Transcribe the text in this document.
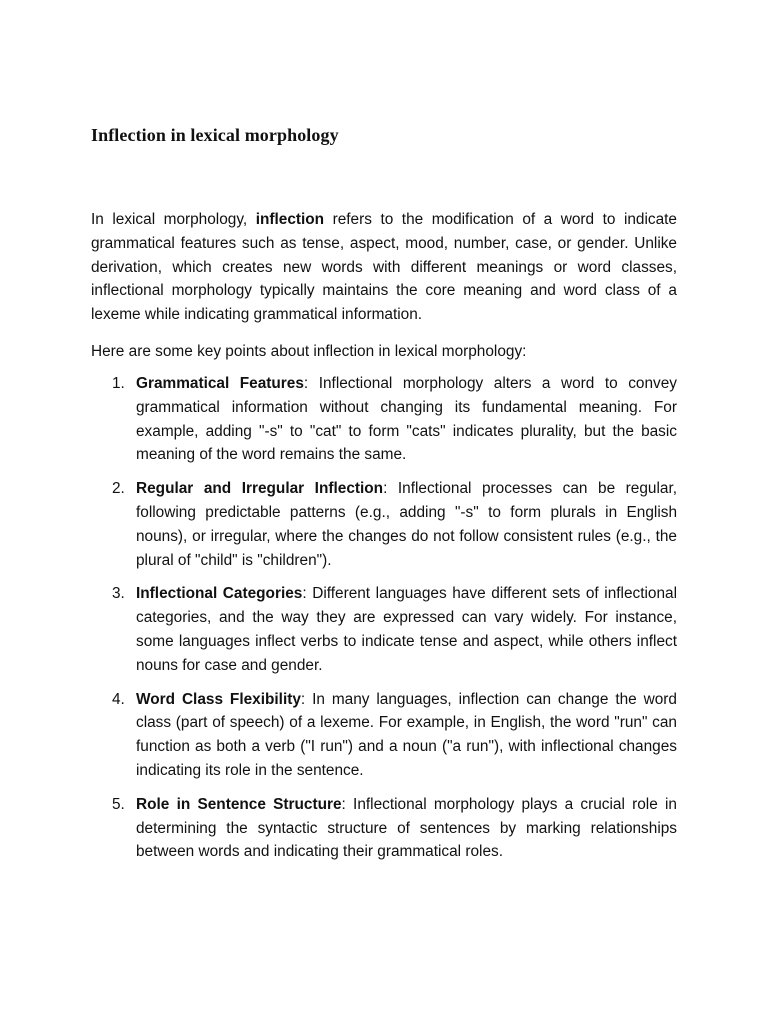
Inflection in lexical morphology

In lexical morphology, inflection refers to the modification of a word to indicate grammatical features such as tense, aspect, mood, number, case, or gender. Unlike derivation, which creates new words with different meanings or word classes, inflectional morphology typically maintains the core meaning and word class of a lexeme while indicating grammatical information.

Here are some key points about inflection in lexical morphology:

1. Grammatical Features: Inflectional morphology alters a word to convey grammatical information without changing its fundamental meaning. For example, adding "-s" to "cat" to form "cats" indicates plurality, but the basic meaning of the word remains the same.
2. Regular and Irregular Inflection: Inflectional processes can be regular, following predictable patterns (e.g., adding "-s" to form plurals in English nouns), or irregular, where the changes do not follow consistent rules (e.g., the plural of "child" is "children").
3. Inflectional Categories: Different languages have different sets of inflectional categories, and the way they are expressed can vary widely. For instance, some languages inflect verbs to indicate tense and aspect, while others inflect nouns for case and gender.
4. Word Class Flexibility: In many languages, inflection can change the word class (part of speech) of a lexeme. For example, in English, the word "run" can function as both a verb ("I run") and a noun ("a run"), with inflectional changes indicating its role in the sentence.
5. Role in Sentence Structure: Inflectional morphology plays a crucial role in determining the syntactic structure of sentences by marking relationships between words and indicating their grammatical roles.
